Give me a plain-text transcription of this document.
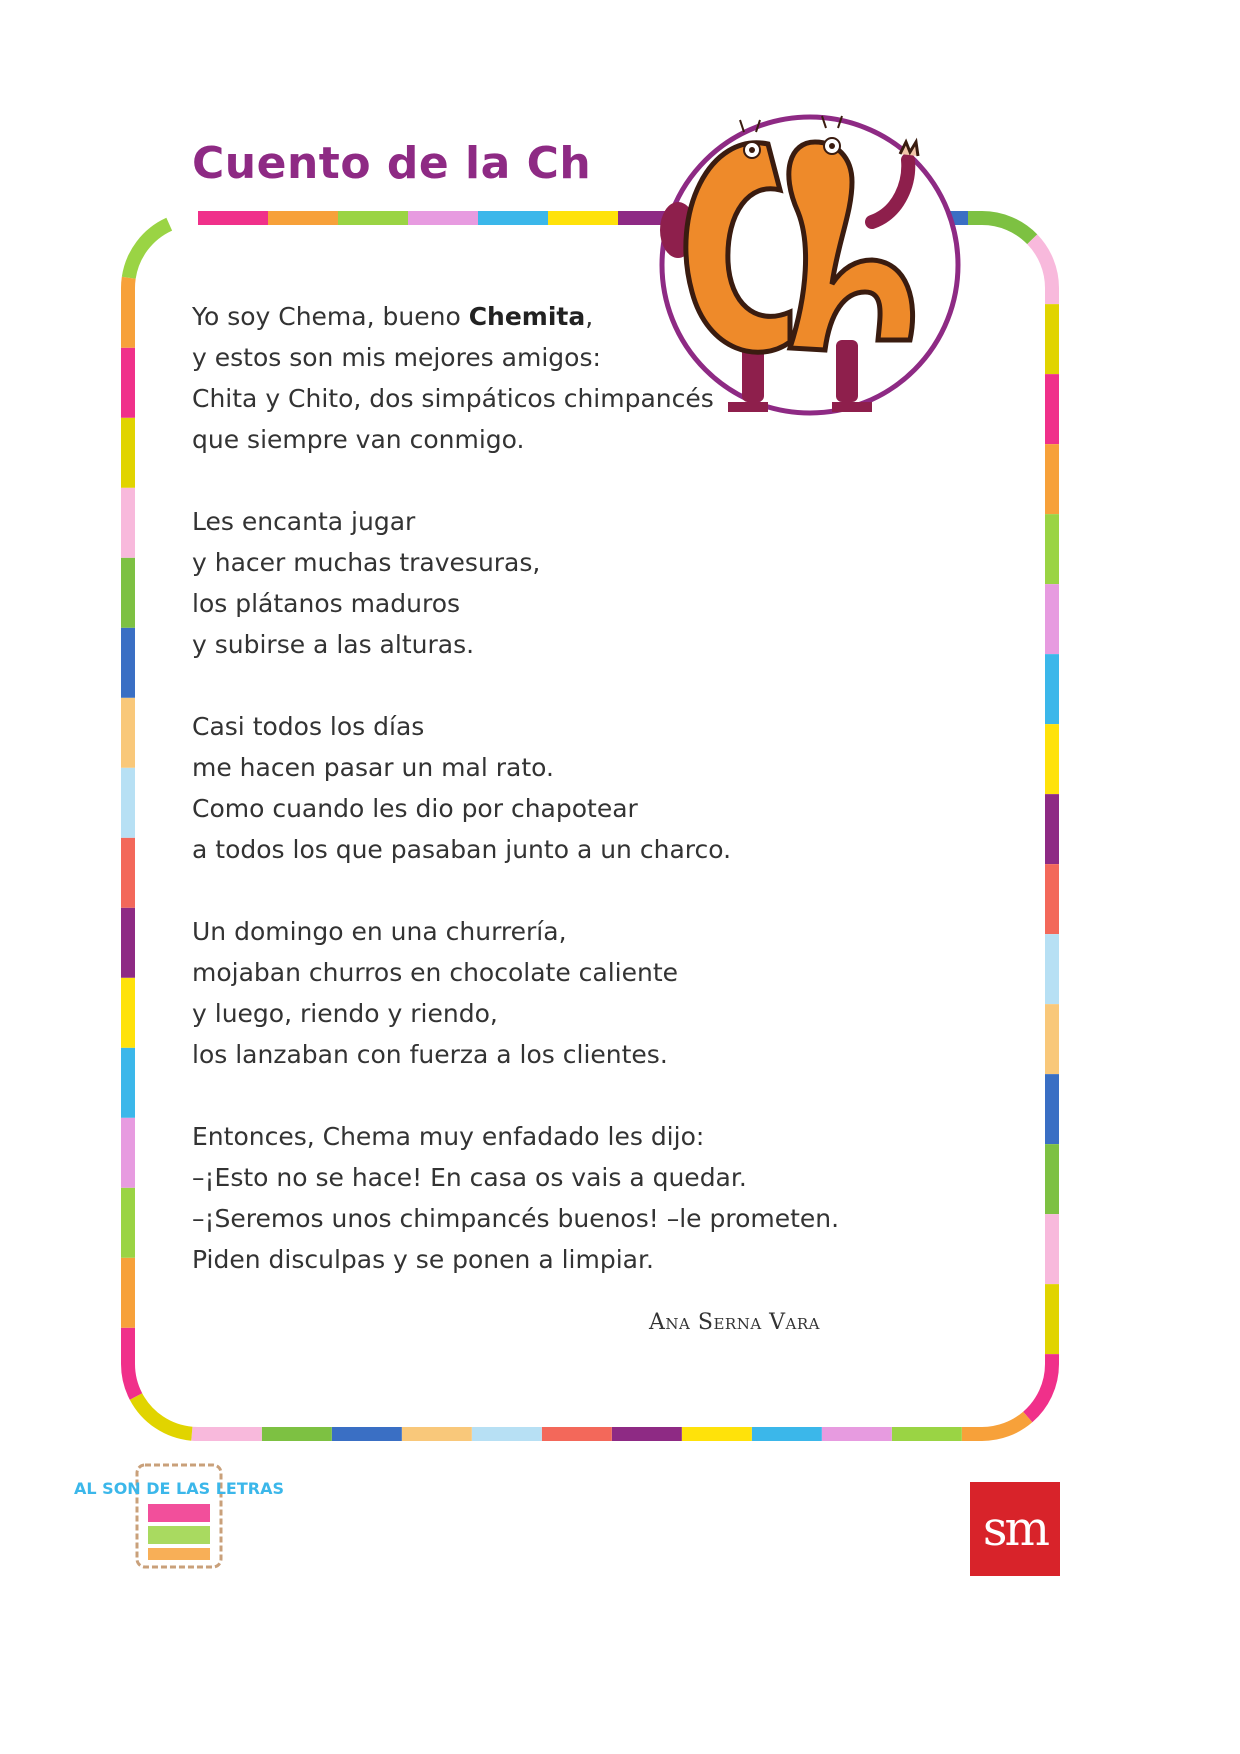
Cuento de la Ch
Yo soy Chema, bueno Chemita,
y estos son mis mejores amigos:
Chita y Chito, dos simpáticos chimpancés
que siempre van conmigo.
Les encanta jugar
y hacer muchas travesuras,
los plátanos maduros
y subirse a las alturas.
Casi todos los días
me hacen pasar un mal rato.
Como cuando les dio por chapotear
a todos los que pasaban junto a un charco.
Un domingo en una churrería,
mojaban churros en chocolate caliente
y luego, riendo y riendo,
los lanzaban con fuerza a los clientes.
Entonces, Chema muy enfadado les dijo:
–¡Esto no se hace! En casa os vais a quedar.
–¡Seremos unos chimpancés buenos! –le prometen.
Piden disculpas y se ponen a limpiar.
Ana Serna Vara
AL SON DE LAS LETRAS
sm
